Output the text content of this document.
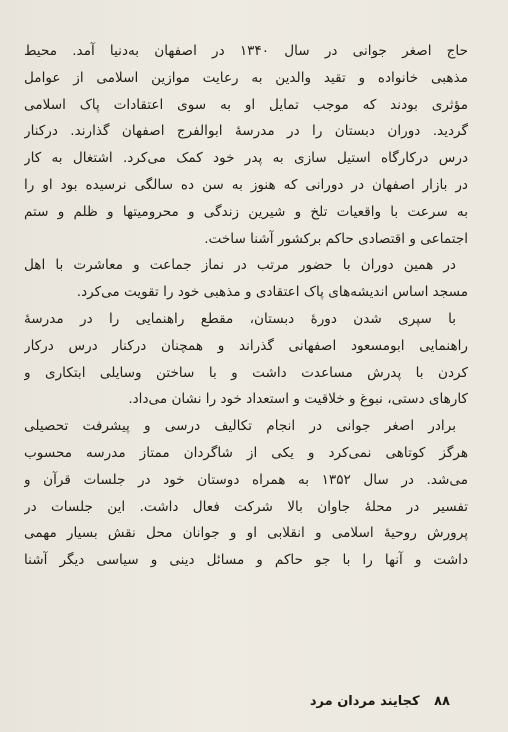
حاج اصغر جوانی در سال ۱۳۴۰ در اصفهان به‌دنیا آمد. محیط
مذهبی خانواده و تقید والدین به رعایت موازین اسلامی از عوامل
مؤثری بودند که موجب تمایل او به سوی اعتقادات پاک اسلامی
گردید. دوران دبستان را در مدرسهٔ ابوالفرج اصفهان گذارند. درکنار
درس درکارگاه استیل سازی به پدر خود کمک می‌کرد. اشتغال به کار
در بازار اصفهان در دورانی که هنوز به سن ده سالگی نرسیده بود او را
به سرعت با واقعیات تلخ و شیرین زندگی و محرومیتها و ظلم و ستم
اجتماعی و اقتصادی حاکم برکشور آشنا ساخت.
در همین دوران با حضور مرتب در نماز جماعت و معاشرت با اهل
مسجد اساس اندیشه‌های پاک اعتقادی و مذهبی خود را تقویت می‌کرد.
با سپری شدن دورهٔ دبستان، مقطع راهنمایی را در مدرسهٔ
راهنمایی ابومسعود اصفهانی گذراند و همچنان درکنار درس درکار
کردن با پدرش مساعدت داشت و با ساختن وسایلی ابتکاری و
کارهای دستی، نبوغ و خلاقیت و استعداد خود را نشان می‌داد.
برادر اصغر جوانی در انجام تکالیف درسی و پیشرفت تحصیلی
هرگز کوتاهی نمی‌کرد و یکی از شاگردان ممتاز مدرسه محسوب
می‌شد. در سال ۱۳۵۲ به همراه دوستان خود در جلسات قرآن و
تفسیر در محلهٔ جاوان بالا شرکت فعال داشت. این جلسات در
پرورش روحیهٔ اسلامی و انقلابی او و جوانان محل نقش بسیار مهمی
داشت و آنها را با جو حاکم و مسائل دینی و سیاسی دیگر آشنا
۸۸ کجایند مردان مرد
